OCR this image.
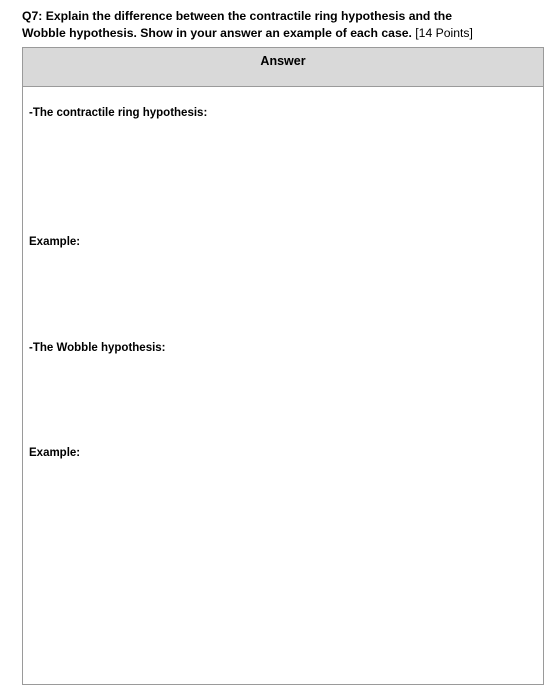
Q7: Explain the difference between the contractile ring hypothesis and the
Wobble hypothesis. Show in your answer an example of each case. [14 Points]
Answer
-The contractile ring hypothesis:
Example:
-The Wobble hypothesis:
Example:
